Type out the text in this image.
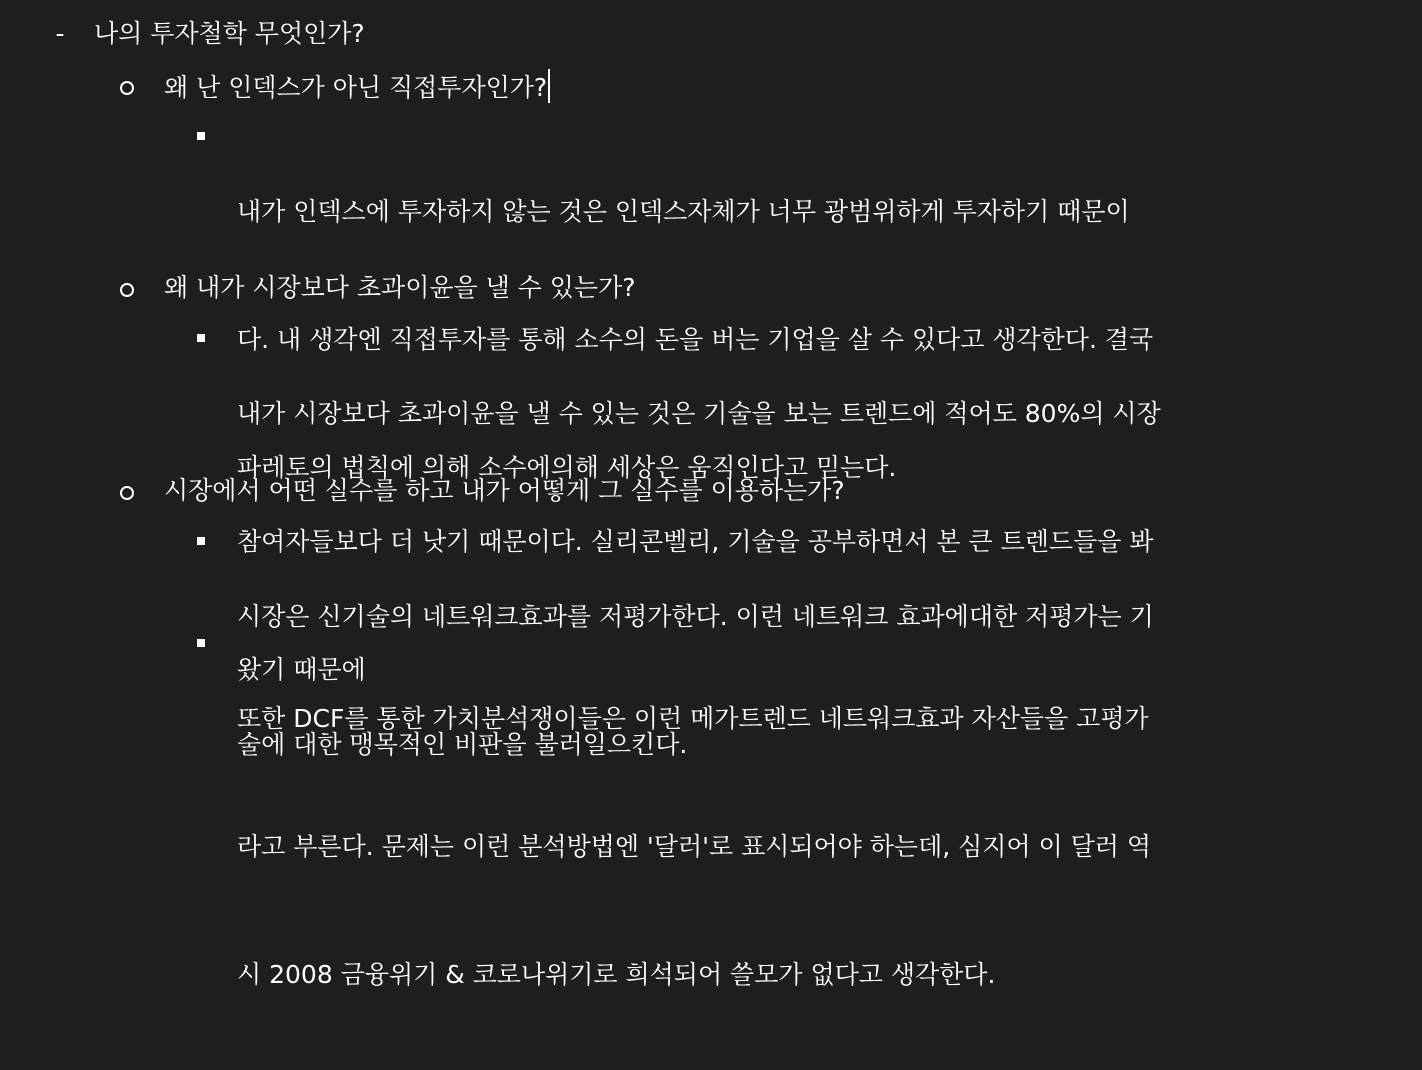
- 나의 투자철학 무엇인가?
왜 난 인덱스가 아닌 직접투자인가?

내가 인덱스에 투자하지 않는 것은 인덱스자체가 너무 광범위하게 투자하기 때문이

다. 내 생각엔 직접투자를 통해 소수의 돈을 버는 기업을 살 수 있다고 생각한다. 결국

파레토의 법칙에 의해 소수에의해 세상은 움직인다고 믿는다.

왜 내가 시장보다 초과이윤을 낼 수 있는가?

내가 시장보다 초과이윤을 낼 수 있는 것은 기술을 보는 트렌드에 적어도 80%의 시장

참여자들보다 더 낫기 때문이다. 실리콘벨리, 기술을 공부하면서 본 큰 트렌드들을 봐

왔기 때문에

시장에서 어떤 실수를 하고 내가 어떻게 그 실수를 이용하는가?

시장은 신기술의 네트워크효과를 저평가한다. 이런 네트워크 효과에대한 저평가는 기

술에 대한 맹목적인 비판을 불러일으킨다.

또한 DCF를 통한 가치분석쟁이들은 이런 메가트렌드 네트워크효과 자산들을 고평가

라고 부른다. 문제는 이런 분석방법엔 '달러'로 표시되어야 하는데, 심지어 이 달러 역

시 2008 금융위기 & 코로나위기로 희석되어 쓸모가 없다고 생각한다.
